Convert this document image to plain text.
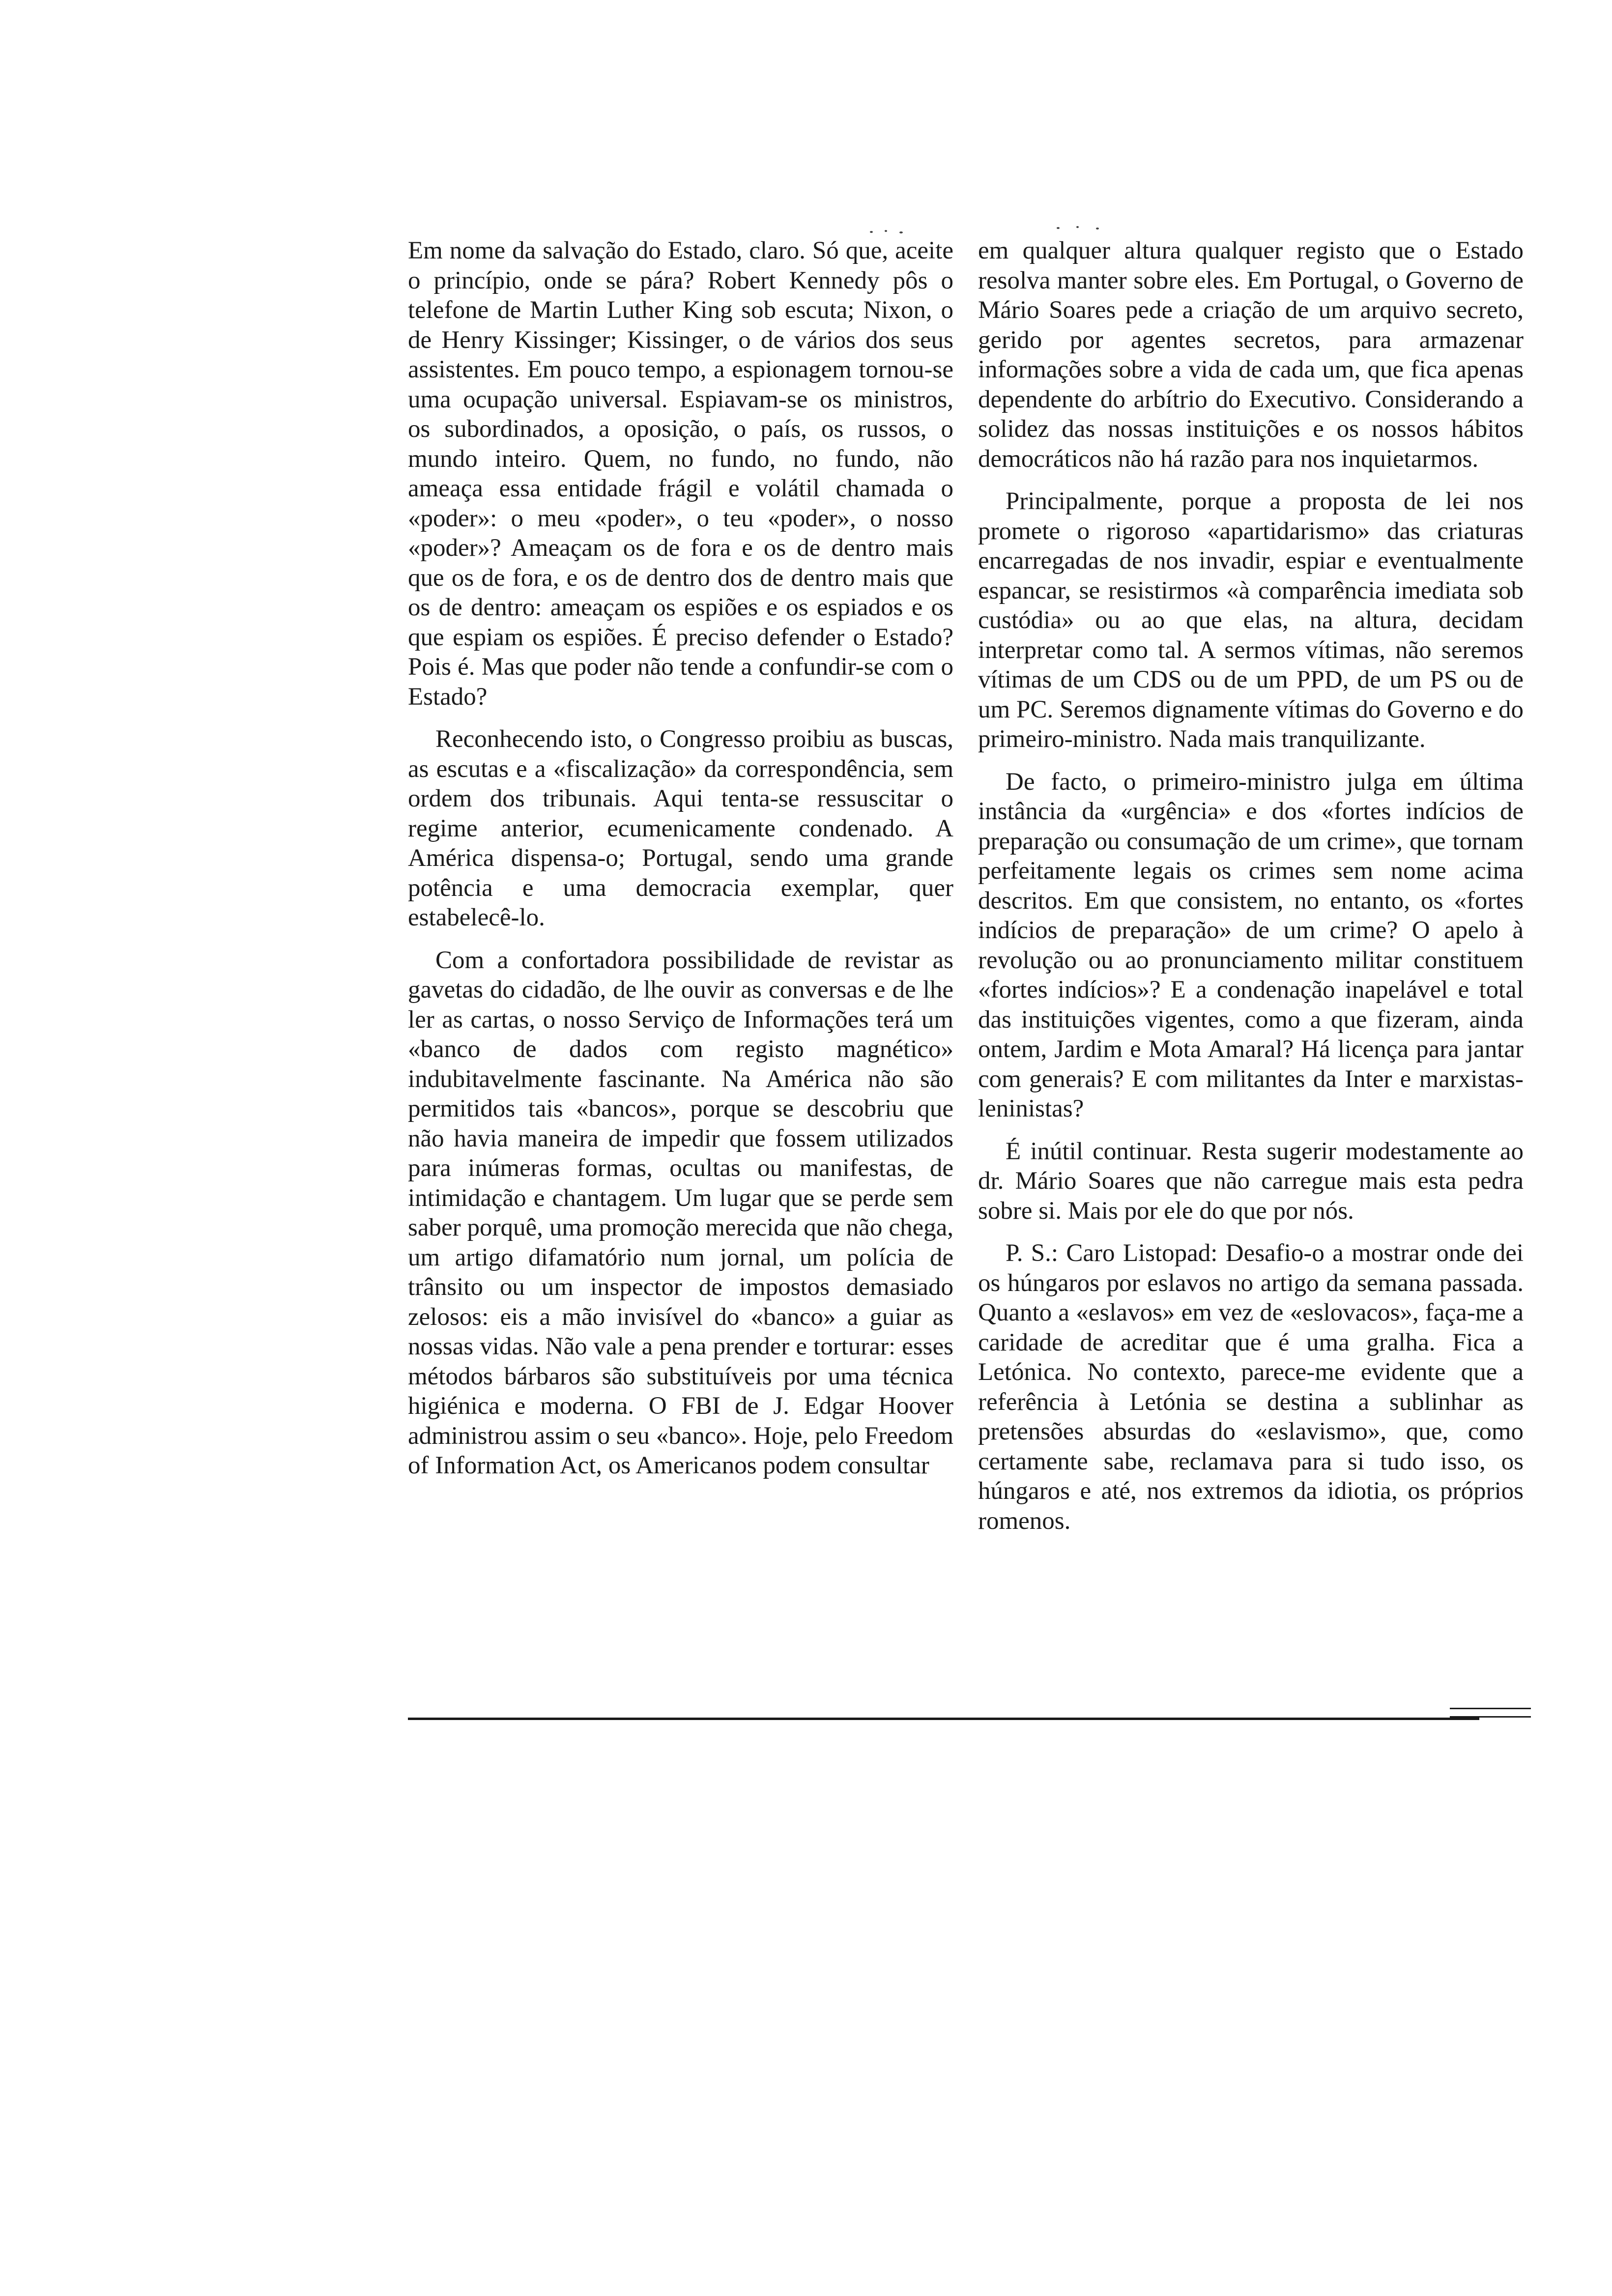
Em nome da salvação do Estado, claro. Só que, aceite o princípio, onde se pára? Robert Kennedy pôs o telefone de Martin Luther King sob escuta; Nixon, o de Henry Kissinger; Kissinger, o de vários dos seus assistentes. Em pouco tempo, a espionagem tornou-se uma ocupação universal. Espiavam-se os ministros, os subordinados, a oposição, o país, os russos, o mundo inteiro. Quem, no fundo, no fundo, não ameaça essa entidade frágil e volátil chamada o «poder»: o meu «poder», o teu «poder», o nosso «poder»? Ameaçam os de fora e os de dentro mais que os de fora, e os de dentro dos de dentro mais que os de dentro: ameaçam os espiões e os espiados e os que espiam os espiões. É preciso defender o Estado? Pois é. Mas que poder não tende a confundir-se com o Estado?

Reconhecendo isto, o Congresso proibiu as buscas, as escutas e a «fiscalização» da correspondência, sem ordem dos tribunais. Aqui tenta-se ressuscitar o regime anterior, ecumenicamente condenado. A América dispensa-o; Portugal, sendo uma grande potência e uma democracia exemplar, quer estabelecê-lo.

Com a confortadora possibilidade de revistar as gavetas do cidadão, de lhe ouvir as conversas e de lhe ler as cartas, o nosso Serviço de Informações terá um «banco de dados com registo magnético» indubitavelmente fascinante. Na América não são permitidos tais «bancos», porque se descobriu que não havia maneira de impedir que fossem utilizados para inúmeras formas, ocultas ou manifestas, de intimidação e chantagem. Um lugar que se perde sem saber porquê, uma promoção merecida que não chega, um artigo difamatório num jornal, um polícia de trânsito ou um inspector de impostos demasiado zelosos: eis a mão invisível do «banco» a guiar as nossas vidas. Não vale a pena prender e torturar: esses métodos bárbaros são substituíveis por uma técnica higiénica e moderna. O FBI de J. Edgar Hoover administrou assim o seu «banco». Hoje, pelo Freedom of Information Act, os Americanos podem consultar

em qualquer altura qualquer registo que o Estado resolva manter sobre eles. Em Portugal, o Governo de Mário Soares pede a criação de um arquivo secreto, gerido por agentes secretos, para armazenar informações sobre a vida de cada um, que fica apenas dependente do arbítrio do Executivo. Considerando a solidez das nossas instituições e os nossos hábitos democráticos não há razão para nos inquietarmos.

Principalmente, porque a proposta de lei nos promete o rigoroso «apartidarismo» das criaturas encarregadas de nos invadir, espiar e eventualmente espancar, se resistirmos «à comparência imediata sob custódia» ou ao que elas, na altura, decidam interpretar como tal. A sermos vítimas, não seremos vítimas de um CDS ou de um PPD, de um PS ou de um PC. Seremos dignamente vítimas do Governo e do primeiro-ministro. Nada mais tranquilizante.

De facto, o primeiro-ministro julga em última instância da «urgência» e dos «fortes indícios de preparação ou consumação de um crime», que tornam perfeitamente legais os crimes sem nome acima descritos. Em que consistem, no entanto, os «fortes indícios de preparação» de um crime? O apelo à revolução ou ao pronunciamento militar constituem «fortes indícios»? E a condenação inapelável e total das instituições vigentes, como a que fizeram, ainda ontem, Jardim e Mota Amaral? Há licença para jantar com generais? E com militantes da Inter e marxistas-leninistas?

É inútil continuar. Resta sugerir modestamente ao dr. Mário Soares que não carregue mais esta pedra sobre si. Mais por ele do que por nós.

P. S.: Caro Listopad: Desafio-o a mostrar onde dei os húngaros por eslavos no artigo da semana passada. Quanto a «eslavos» em vez de «eslovacos», faça-me a caridade de acreditar que é uma gralha. Fica a Letónica. No contexto, parece-me evidente que a referência à Letónia se destina a sublinhar as pretensões absurdas do «eslavismo», que, como certamente sabe, reclamava para si tudo isso, os húngaros e até, nos extremos da idiotia, os próprios romenos.
